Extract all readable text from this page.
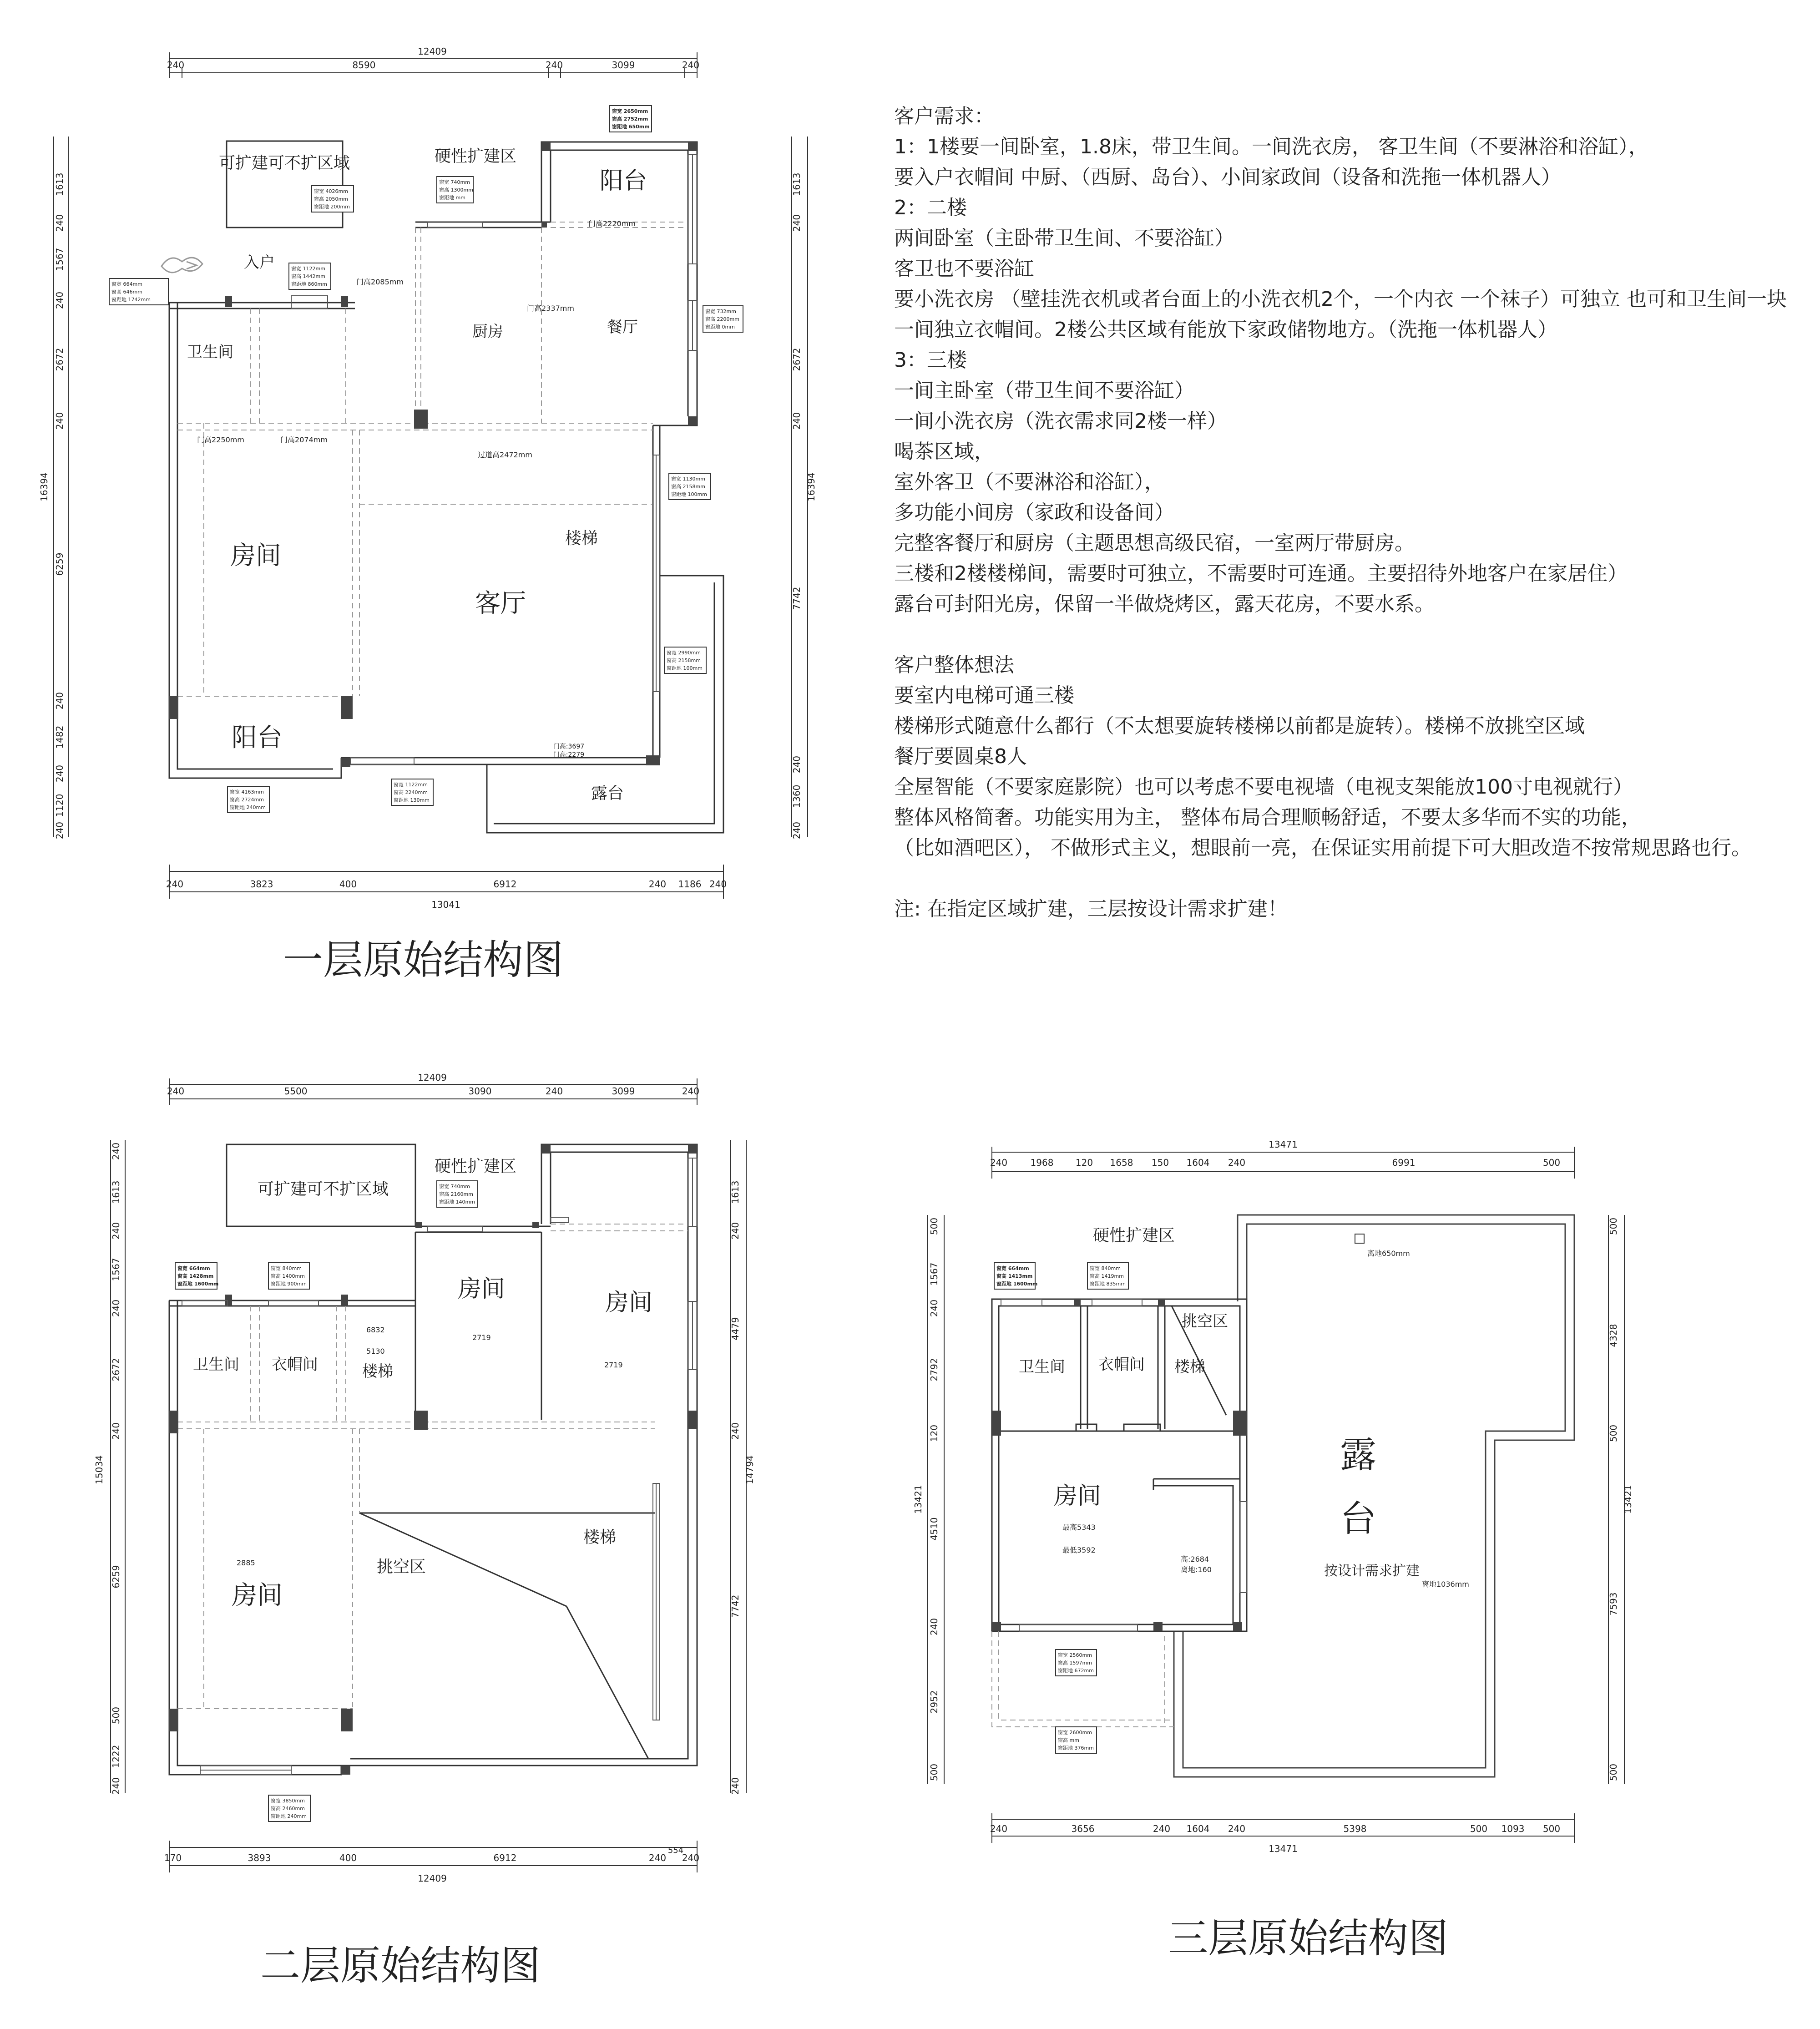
12409
240	8590	240	3099	240
16394
1613
240
1567
240
2672
240
6259
240
1482
240
1120
240
16394
1613
240
2672
240
7742
240
1360
240
240	3823	400	6912	240 1186 240
13041
可扩建可不扩区域	硬性扩建区
阳台
入户
卫生间
厨房	餐厅
房间
楼梯
客厅
阳台
露台
门高2220mm
门高2337mm
门高2085mm
门高2250mm	门高2074mm
过道高2472mm
门高:3697
门高:2279
窗宽 2650mm
窗高 2752mm
窗距地 650mm
窗宽 4026mm
窗高 2050mm
窗距地 200mm
窗宽 740mm
窗高 1300mm
窗距地 mm
窗宽 1122mm
窗高 1442mm
窗距地 860mm
窗宽 664mm
窗高 646mm
窗距地 1742mm
窗宽 732mm
窗高 2200mm
窗距地 0mm
窗宽 1130mm
窗高 2158mm
窗距地 100mm
窗宽 2990mm
窗高 2158mm
窗距地 100mm
窗宽 4163mm
窗高 2724mm
窗距地 240mm
窗宽 1122mm
窗高 2240mm
窗距地 130mm
一层原始结构图
12409
240	5500	3090	240	3099	240
15034
240
1613
240
1567
240
2672
240
6259
500
1222
240
14794
1613
240
4479
240
7742
240
170	3893	400	6912	240
554
240
12409
可扩建可不扩区域
硬性扩建区
房间	房间
卫生间 衣帽间	楼梯
房间
挑空区
楼梯
6832
5130
2719
2719
2885
窗宽 740mm
窗高 2160mm
窗距地 140mm
窗宽 664mm
窗高 1428mm
窗距地 1600mm
窗宽 840mm
窗高 1400mm
窗距地 900mm
窗宽 3850mm
窗高 2460mm
窗距地 240mm
二层原始结构图
13471
240	1968 120 1658 150 1604 240	6991	500
13421
500
1567
240
2792
120
4510
240
2952
500
13421
500
4328
500
7593
500
240	3656	240 1604 240	5398	500 1093 500
13471
硬性扩建区
挑空区
卫生间 衣帽间 楼梯
房间
露
台
按设计需求扩建
离地650mm
最高5343
最低3592
高:2684
离地:160
离地1036mm
窗宽 664mm
窗高 1413mm
窗距地 1600mm
窗宽 840mm
窗高 1419mm
窗距地 835mm
窗宽 2560mm
窗高 1597mm
窗距地 672mm
窗宽 2600mm
窗高 mm
窗距地 376mm
三层原始结构图
客户需求：
1：1楼要一间卧室，1.8床，带卫生间。一间洗衣房， 客卫生间（不要淋浴和浴缸），
要入户衣帽间 中厨、（西厨、岛台）、小间家政间（设备和洗拖一体机器人）
2：二楼
两间卧室（主卧带卫生间、不要浴缸）
客卫也不要浴缸
要小洗衣房 （壁挂洗衣机或者台面上的小洗衣机2个，一个内衣 一个袜子）可独立 也可和卫生间一块
一间独立衣帽间。2楼公共区域有能放下家政储物地方。（洗拖一体机器人）
3：三楼
一间主卧室（带卫生间不要浴缸）
一间小洗衣房（洗衣需求同2楼一样）
喝茶区域，
室外客卫（不要淋浴和浴缸），
多功能小间房（家政和设备间）
完整客餐厅和厨房（主题思想高级民宿，一室两厅带厨房。
三楼和2楼楼梯间，需要时可独立，不需要时可连通。主要招待外地客户在家居住）
露台可封阳光房，保留一半做烧烤区，露天花房，不要水系。
客户整体想法
要室内电梯可通三楼
楼梯形式随意什么都行（不太想要旋转楼梯以前都是旋转）。楼梯不放挑空区域
餐厅要圆桌8人
全屋智能（不要家庭影院）也可以考虑不要电视墙（电视支架能放100寸电视就行）
整体风格简奢。功能实用为主， 整体布局合理顺畅舒适，不要太多华而不实的功能，
（比如酒吧区）， 不做形式主义，想眼前一亮，在保证实用前提下可大胆改造不按常规思路也行。
注: 在指定区域扩建，三层按设计需求扩建！
